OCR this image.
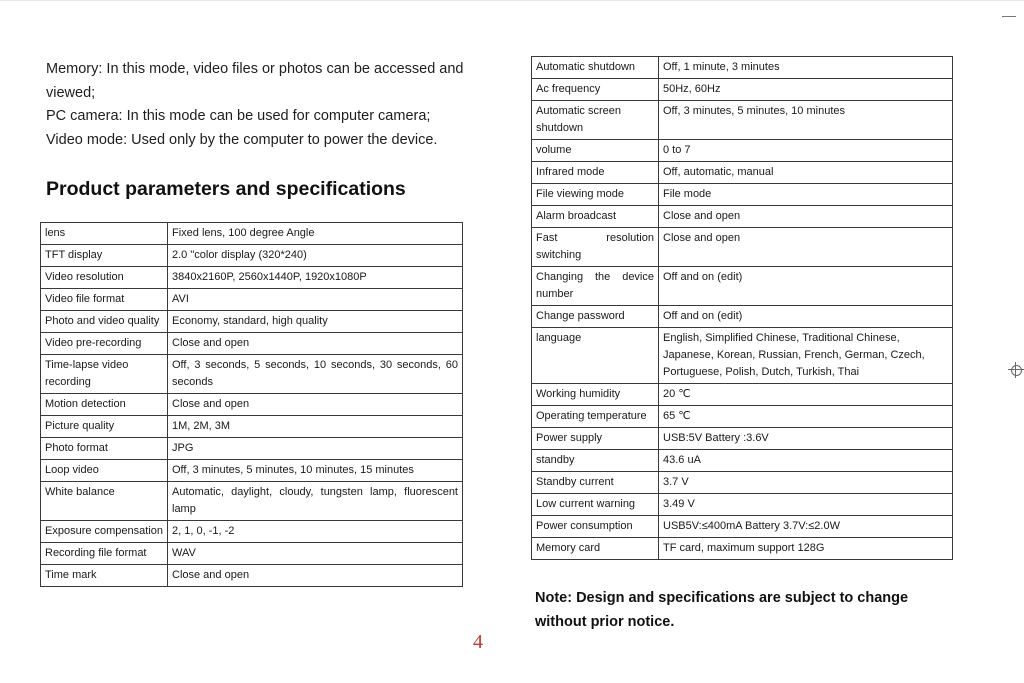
Memory: In this mode, video files or photos can be accessed and viewed;

PC camera: In this mode can be used for computer camera;

Video mode: Used only by the computer to power the device.

Product parameters and specifications
lens	Fixed lens, 100 degree Angle
TFT display	2.0 "color display (320*240)
Video resolution	3840x2160P, 2560x1440P, 1920x1080P
Video file format	AVI
Photo and video quality	Economy, standard, high quality
Video pre-recording	Close and open
Time-lapse video recording	Off, 3 seconds, 5 seconds, 10 seconds, 30 seconds, 60 seconds
Motion detection	Close and open
Picture quality	1M, 2M, 3M
Photo format	JPG
Loop video	Off, 3 minutes, 5 minutes, 10 minutes, 15 minutes
White balance	Automatic, daylight, cloudy, tungsten lamp, fluorescent lamp
Exposure compensation	2, 1, 0, -1, -2
Recording file format	WAV
Time mark	Close and open
Automatic shutdown	Off, 1 minute, 3 minutes
Ac frequency	50Hz, 60Hz
Automatic screen shutdown	Off, 3 minutes, 5 minutes, 10 minutes
volume	0 to 7
Infrared mode	Off, automatic, manual
File viewing mode	File mode
Alarm broadcast	Close and open
Fast resolution switching	Close and open
Changing the device number	Off and on (edit)
Change password	Off and on (edit)
language	English, Simplified Chinese, Traditional Chinese, Japanese, Korean, Russian, French, German, Czech, Portuguese, Polish, Dutch, Turkish, Thai
Working humidity	20 ℃
Operating temperature	65 ℃
Power supply	USB:5V Battery :3.6V
standby	43.6 uA
Standby current	3.7 V
Low current warning	3.49 V
Power consumption	USB5V:≤400mA Battery 3.7V:≤2.0W
Memory card	TF card, maximum support 128G

Note: Design and specifications are subject to change without prior notice.

4
